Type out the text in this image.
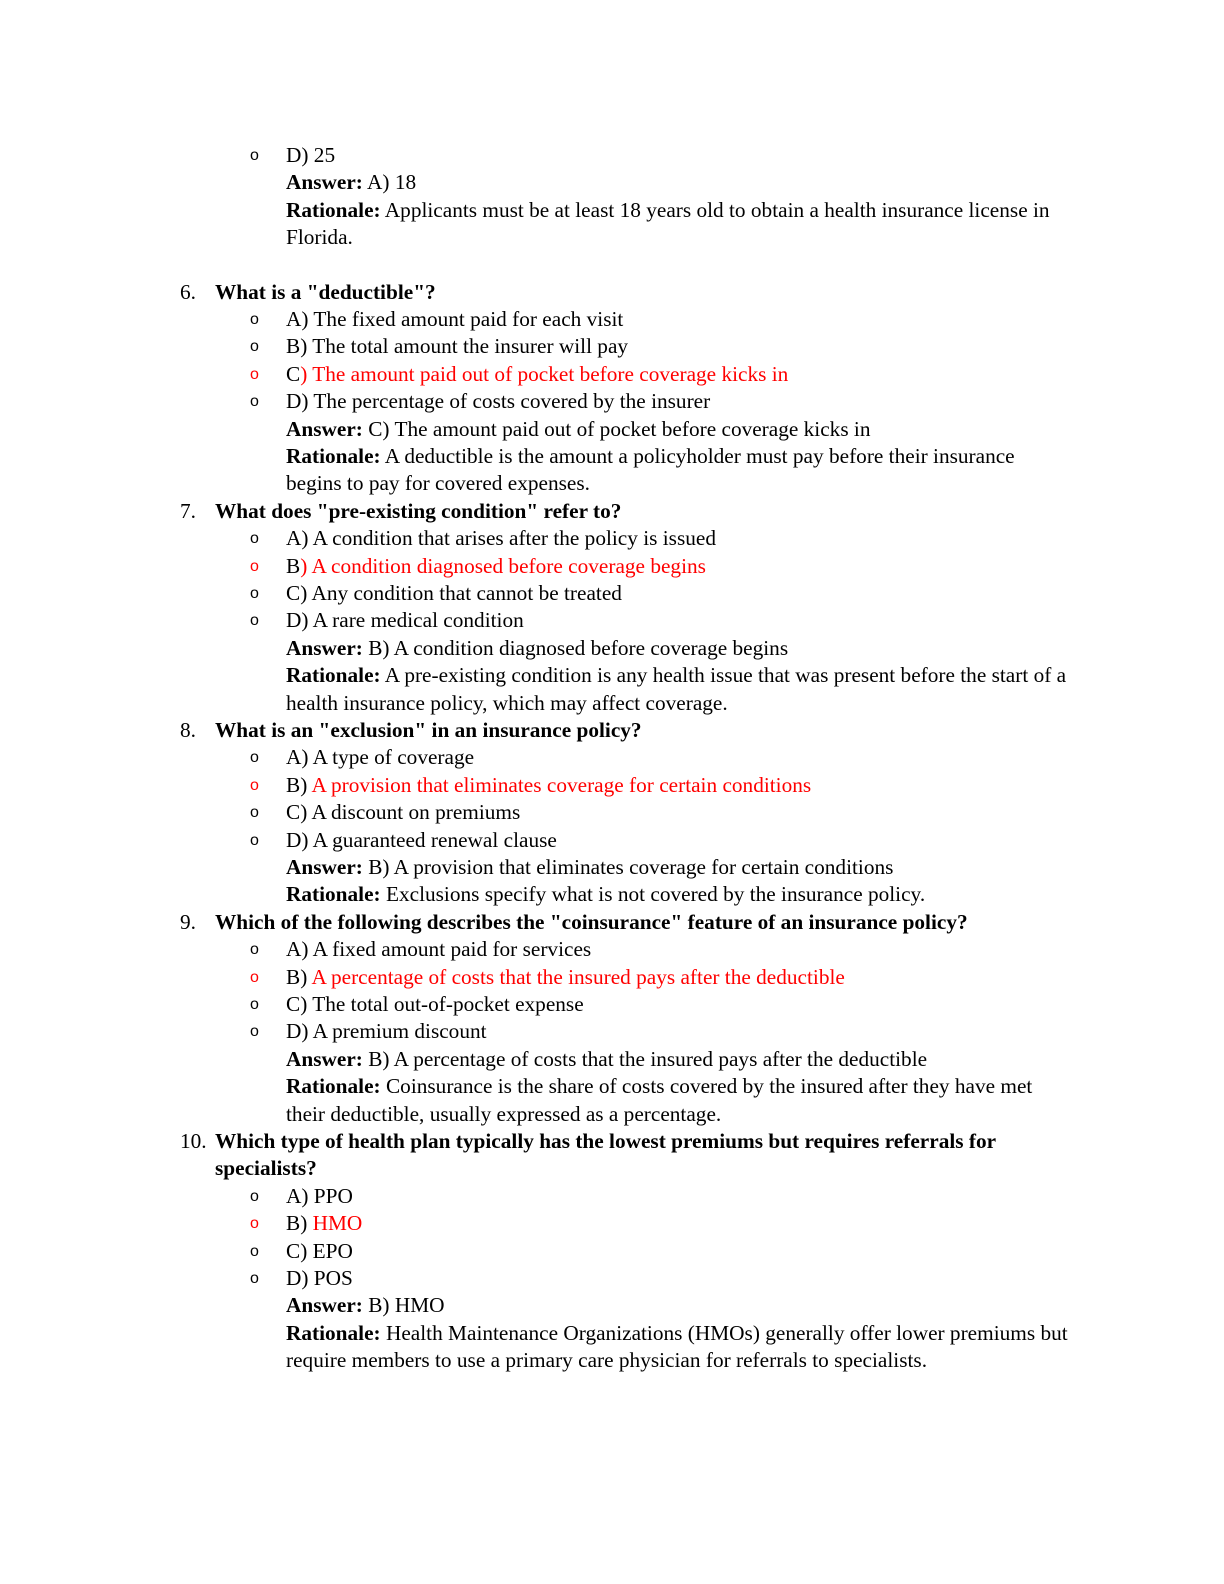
o D) 25
Answer: A) 18
Rationale: Applicants must be at least 18 years old to obtain a health insurance license in Florida.
6. What is a "deductible"?
o A) The fixed amount paid for each visit
o B) The total amount the insurer will pay
o C) The amount paid out of pocket before coverage kicks in
o D) The percentage of costs covered by the insurer
Answer: C) The amount paid out of pocket before coverage kicks in
Rationale: A deductible is the amount a policyholder must pay before their insurance begins to pay for covered expenses.
7. What does "pre-existing condition" refer to?
o A) A condition that arises after the policy is issued
o B) A condition diagnosed before coverage begins
o C) Any condition that cannot be treated
o D) A rare medical condition
Answer: B) A condition diagnosed before coverage begins
Rationale: A pre-existing condition is any health issue that was present before the start of a health insurance policy, which may affect coverage.
8. What is an "exclusion" in an insurance policy?
o A) A type of coverage
o B) A provision that eliminates coverage for certain conditions
o C) A discount on premiums
o D) A guaranteed renewal clause
Answer: B) A provision that eliminates coverage for certain conditions
Rationale: Exclusions specify what is not covered by the insurance policy.
9. Which of the following describes the "coinsurance" feature of an insurance policy?
o A) A fixed amount paid for services
o B) A percentage of costs that the insured pays after the deductible
o C) The total out-of-pocket expense
o D) A premium discount
Answer: B) A percentage of costs that the insured pays after the deductible
Rationale: Coinsurance is the share of costs covered by the insured after they have met their deductible, usually expressed as a percentage.
10. Which type of health plan typically has the lowest premiums but requires referrals for specialists?
o A) PPO
o B) HMO
o C) EPO
o D) POS
Answer: B) HMO
Rationale: Health Maintenance Organizations (HMOs) generally offer lower premiums but require members to use a primary care physician for referrals to specialists.
